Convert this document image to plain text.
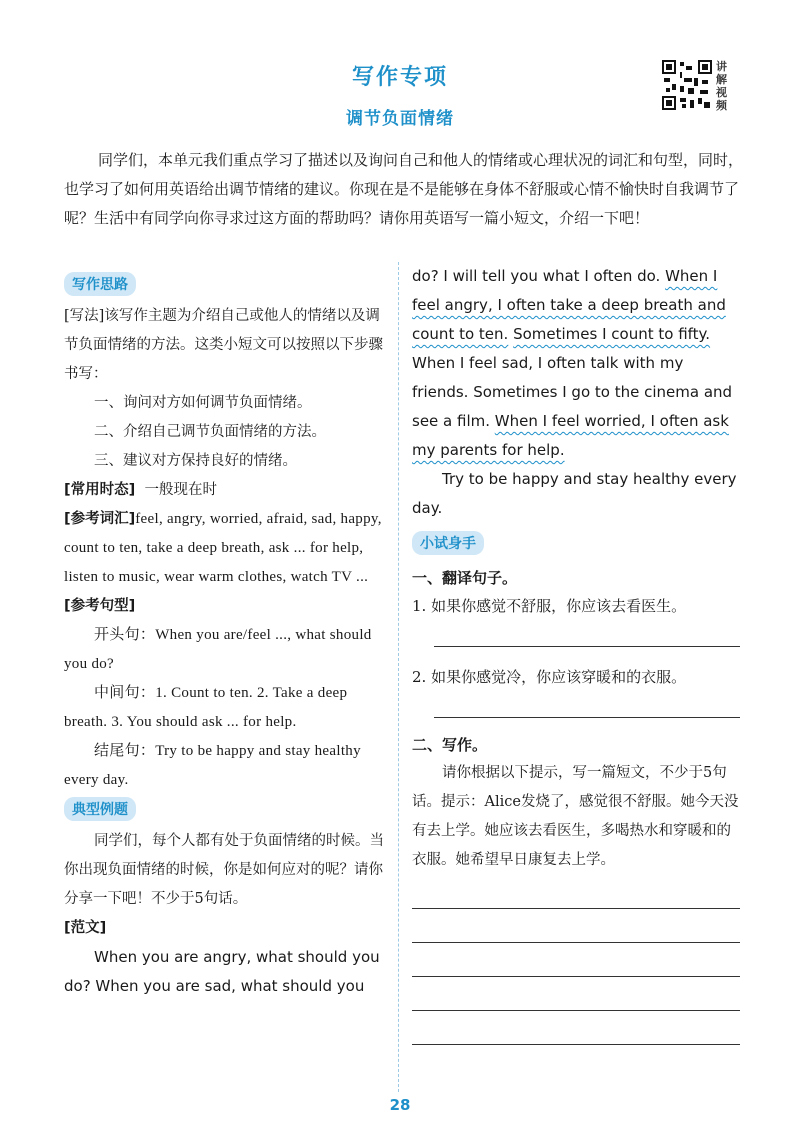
写作专项
调节负面情绪
讲解视频
同学们，本单元我们重点学习了描述以及询问自己和他人的情绪或心理状况的词汇和句型，同时，也学习了如何用英语给出调节情绪的建议。你现在是不是能够在身体不舒服或心情不愉快时自我调节了呢？生活中有同学向你寻求过这方面的帮助吗？请你用英语写一篇小短文，介绍一下吧！
写作思路

[写法]该写作主题为介绍自己或他人的情绪以及调节负面情绪的方法。这类小短文可以按照以下步骤书写：

一、询问对方如何调节负面情绪。

二、介绍自己调节负面情绪的方法。

三、建议对方保持良好的情绪。

[常用时态] 一般现在时

[参考词汇]feel, angry, worried, afraid, sad, happy, count to ten, take a deep breath, ask ... for help, listen to music, wear warm clothes, watch TV ...

[参考句型]

开头句：When you are/feel ..., what should you do?

中间句：1. Count to ten. 2. Take a deep breath. 3. You should ask ... for help.

结尾句：Try to be happy and stay healthy every day.

典型例题

同学们，每个人都有处于负面情绪的时候。当你出现负面情绪的时候，你是如何应对的呢？请你分享一下吧！不少于5句话。

[范文]

When you are angry, what should you do? When you are sad, what should you

do? I will tell you what I often do. When I feel angry, I often take a deep breath and count to ten. Sometimes I count to fifty. When I feel sad, I often talk with my friends. Sometimes I go to the cinema and see a film. When I feel worried, I often ask my parents for help.

Try to be happy and stay healthy every day.

小试身手
一、翻译句子。
1. 如果你感觉不舒服，你应该去看医生。
2. 如果你感觉冷，你应该穿暖和的衣服。
二、写作。

请你根据以下提示，写一篇短文，不少于5句话。提示：Alice发烧了，感觉很不舒服。她今天没有去上学。她应该去看医生，多喝热水和穿暖和的衣服。她希望早日康复去上学。

28
